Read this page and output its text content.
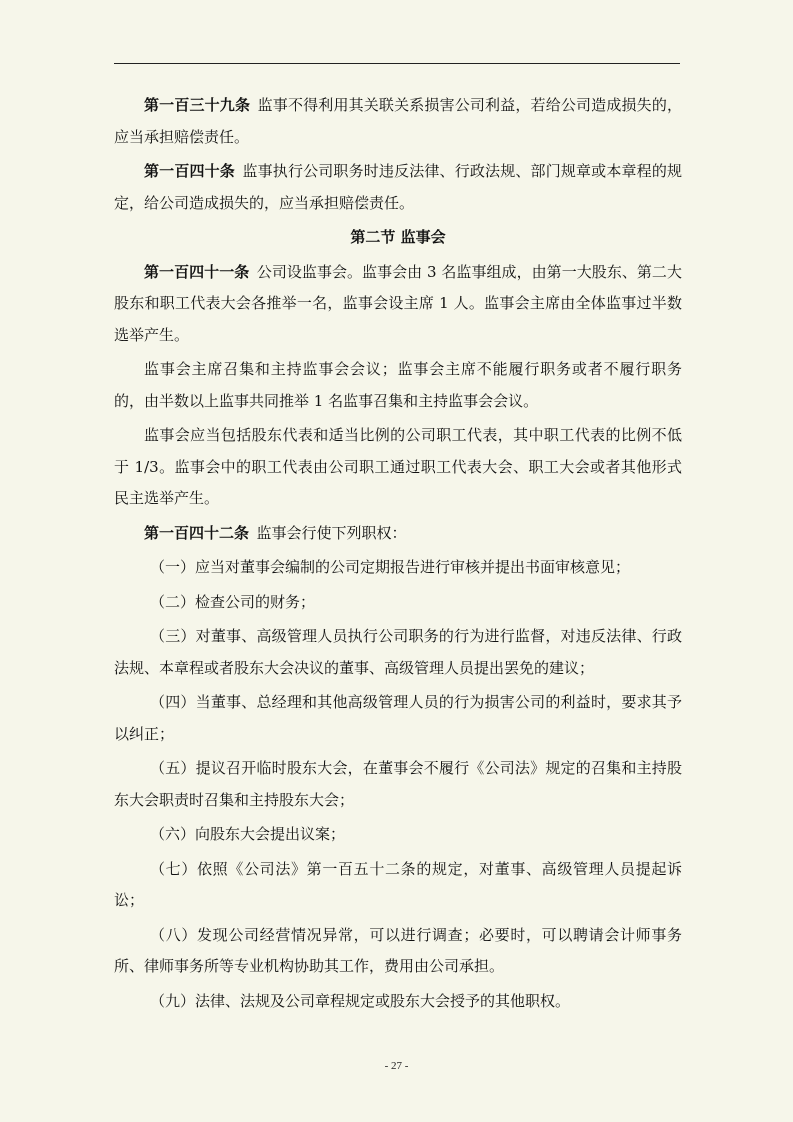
第一百三十九条 监事不得利用其关联关系损害公司利益，若给公司造成损失的，应当承担赔偿责任。

第一百四十条 监事执行公司职务时违反法律、行政法规、部门规章或本章程的规定，给公司造成损失的，应当承担赔偿责任。

第二节 监事会

第一百四十一条 公司设监事会。监事会由 3 名监事组成，由第一大股东、第二大股东和职工代表大会各推举一名，监事会设主席 1 人。监事会主席由全体监事过半数选举产生。

监事会主席召集和主持监事会会议；监事会主席不能履行职务或者不履行职务的，由半数以上监事共同推举 1 名监事召集和主持监事会会议。

监事会应当包括股东代表和适当比例的公司职工代表，其中职工代表的比例不低于 1/3。监事会中的职工代表由公司职工通过职工代表大会、职工大会或者其他形式民主选举产生。

第一百四十二条 监事会行使下列职权：

（一）应当对董事会编制的公司定期报告进行审核并提出书面审核意见；

（二）检查公司的财务；

（三）对董事、高级管理人员执行公司职务的行为进行监督，对违反法律、行政法规、本章程或者股东大会决议的董事、高级管理人员提出罢免的建议；

（四）当董事、总经理和其他高级管理人员的行为损害公司的利益时，要求其予以纠正；

（五）提议召开临时股东大会，在董事会不履行《公司法》规定的召集和主持股东大会职责时召集和主持股东大会；

（六）向股东大会提出议案；

（七）依照《公司法》第一百五十二条的规定，对董事、高级管理人员提起诉讼；

（八）发现公司经营情况异常，可以进行调查；必要时，可以聘请会计师事务所、律师事务所等专业机构协助其工作，费用由公司承担。

（九）法律、法规及公司章程规定或股东大会授予的其他职权。

- 27 -
